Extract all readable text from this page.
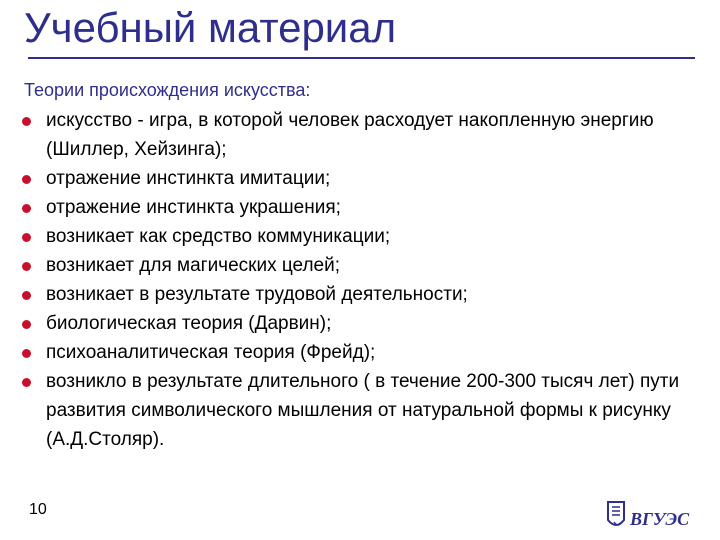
Учебный материал
Теории происхождения искусства:
искусство - игра, в которой человек расходует накопленную энергию (Шиллер, Хейзинга);
отражение инстинкта имитации;
отражение инстинкта украшения;
возникает как средство коммуникации;
возникает для магических целей;
возникает в результате трудовой деятельности;
биологическая теория (Дарвин);
психоаналитическая теория (Фрейд);
возникло в результате длительного ( в течение 200-300 тысяч лет) пути развития символического мышления от натуральной формы к рисунку (А.Д.Столяр).
10	ВГУЭС
